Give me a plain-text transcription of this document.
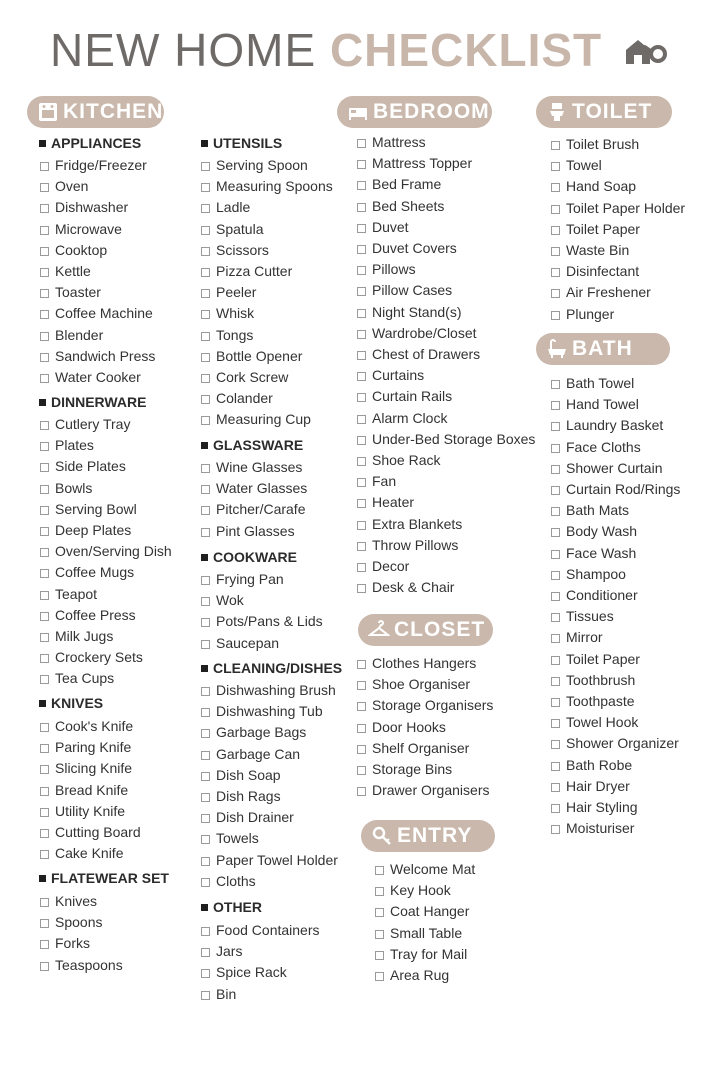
NEW HOME CHECKLIST
KITCHEN
APPLIANCES
Fridge/Freezer
Oven
Dishwasher
Microwave
Cooktop
Kettle
Toaster
Coffee Machine
Blender
Sandwich Press
Water Cooker
DINNERWARE
Cutlery Tray
Plates
Side Plates
Bowls
Serving Bowl
Deep Plates
Oven/Serving Dish
Coffee Mugs
Teapot
Coffee Press
Milk Jugs
Crockery Sets
Tea Cups
KNIVES
Cook's Knife
Paring Knife
Slicing Knife
Bread Knife
Utility Knife
Cutting Board
Cake Knife
FLATEWEAR SET
Knives
Spoons
Forks
Teaspoons
UTENSILS
Serving Spoon
Measuring Spoons
Ladle
Spatula
Scissors
Pizza Cutter
Peeler
Whisk
Tongs
Bottle Opener
Cork Screw
Colander
Measuring Cup
GLASSWARE
Wine Glasses
Water Glasses
Pitcher/Carafe
Pint Glasses
COOKWARE
Frying Pan
Wok
Pots/Pans & Lids
Saucepan
CLEANING/DISHES
Dishwashing Brush
Dishwashing Tub
Garbage Bags
Garbage Can
Dish Soap
Dish Rags
Dish Drainer
Towels
Paper Towel Holder
Cloths
OTHER
Food Containers
Jars
Spice Rack
Bin
BEDROOM
Mattress
Mattress Topper
Bed Frame
Bed Sheets
Duvet
Duvet Covers
Pillows
Pillow Cases
Night Stand(s)
Wardrobe/Closet
Chest of Drawers
Curtains
Curtain Rails
Alarm Clock
Under-Bed Storage Boxes
Shoe Rack
Fan
Heater
Extra Blankets
Throw Pillows
Decor
Desk & Chair
CLOSET
Clothes Hangers
Shoe Organiser
Storage Organisers
Door Hooks
Shelf Organiser
Storage Bins
Drawer Organisers
ENTRY
Welcome Mat
Key Hook
Coat Hanger
Small Table
Tray for Mail
Area Rug
TOILET
Toilet Brush
Towel
Hand Soap
Toilet Paper Holder
Toilet Paper
Waste Bin
Disinfectant
Air Freshener
Plunger
BATH
Bath Towel
Hand Towel
Laundry Basket
Face Cloths
Shower Curtain
Curtain Rod/Rings
Bath Mats
Body Wash
Face Wash
Shampoo
Conditioner
Tissues
Mirror
Toilet Paper
Toothbrush
Toothpaste
Towel Hook
Shower Organizer
Bath Robe
Hair Dryer
Hair Styling
Moisturiser
